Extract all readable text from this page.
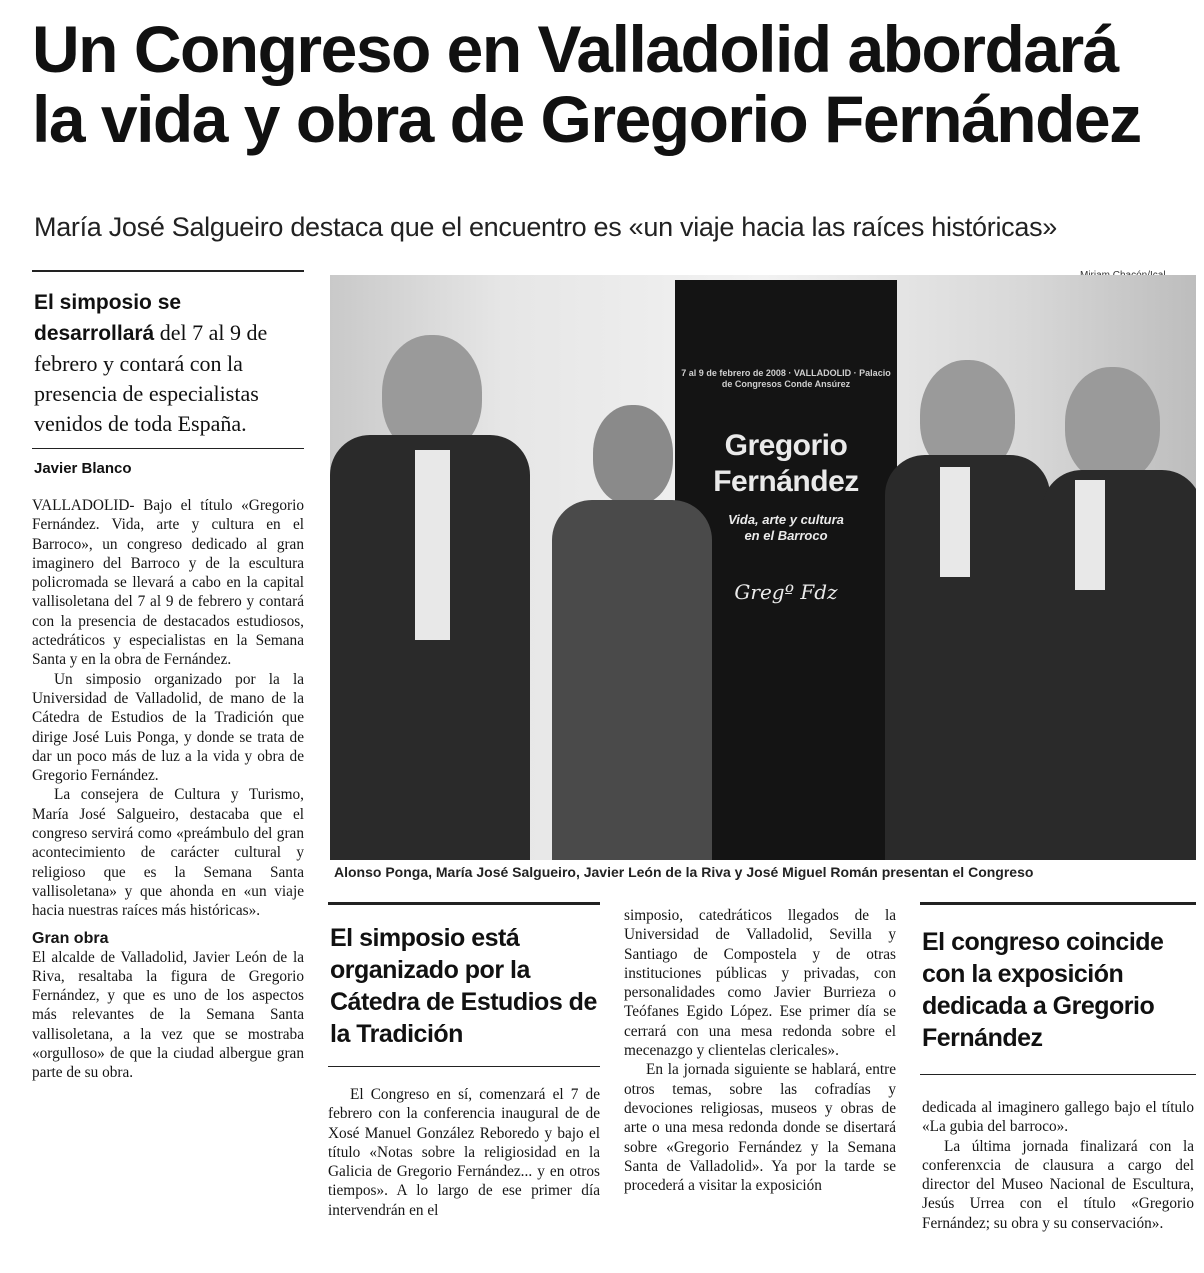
Un Congreso en Valladolid abordará
la vida y obra de Gregorio Fernández
María José Salgueiro destaca que el encuentro es «un viaje hacia las raíces históricas»
El simposio se desarrollará del 7 al 9 de febrero y contará con la presencia de especialistas venidos de toda España.
Javier Blanco

VALLADOLID- Bajo el título «Gregorio Fernández. Vida, arte y cultura en el Barroco», un congreso dedicado al gran imaginero del Barroco y de la escultura policromada se llevará a cabo en la capital vallisoletana del 7 al 9 de febrero y contará con la presencia de destacados estudiosos, actedráticos y especialistas en la Semana Santa y en la obra de Fernández.

Un simposio organizado por la la Universidad de Valladolid, de mano de la Cátedra de Estudios de la Tradición que dirige José Luis Ponga, y donde se trata de dar un poco más de luz a la vida y obra de Gregorio Fernández.

La consejera de Cultura y Turismo, María José Salgueiro, destacaba que el congreso servirá como «preámbulo del gran acontecimiento de carácter cultural y religioso que es la Semana Santa vallisoletana» y que ahonda en «un viaje hacia nuestras raíces más históricas».

Gran obra

El alcalde de Valladolid, Javier León de la Riva, resaltaba la figura de Gregorio Fernández, y que es uno de los aspectos más relevantes de la Semana Santa vallisoletana, a la vez que se mostraba «orgulloso» de que la ciudad albergue gran parte de su obra.

7 al 9 de febrero de 2008 · VALLADOLID · Palacio de Congresos Conde Ansúrez
Gregorio
Fernández
Vida, arte y cultura
en el Barroco
Gregº Fdz
Alonso Ponga, María José Salgueiro, Javier León de la Riva y José Miguel Román presentan el Congreso
El simposio está organizado por la Cátedra de Estudios de la Tradición
El congreso coincide con la exposición dedicada a Gregorio Fernández

El Congreso en sí, comenzará el 7 de febrero con la conferencia inaugural de de Xosé Manuel González Reboredo y bajo el título «Notas sobre la religiosidad en la Galicia de Gregorio Fernández... y en otros tiempos». A lo largo de ese primer día intervendrán en el

simposio, catedráticos llegados de la Universidad de Valladolid, Sevilla y Santiago de Compostela y de otras instituciones públicas y privadas, con personalidades como Javier Burrieza o Teófanes Egido López. Ese primer día se cerrará con una mesa redonda sobre el mecenazgo y clientelas clericales».

En la jornada siguiente se hablará, entre otros temas, sobre las cofradías y devociones religiosas, museos y obras de arte o una mesa redonda donde se disertará sobre «Gregorio Fernández y la Semana Santa de Valladolid». Ya por la tarde se procederá a visitar la exposición

dedicada al imaginero gallego bajo el título «La gubia del barroco».

La última jornada finalizará con la conferenxcia de clausura a cargo del director del Museo Nacional de Escultura, Jesús Urrea con el título «Gregorio Fernández; su obra y su conservación».
